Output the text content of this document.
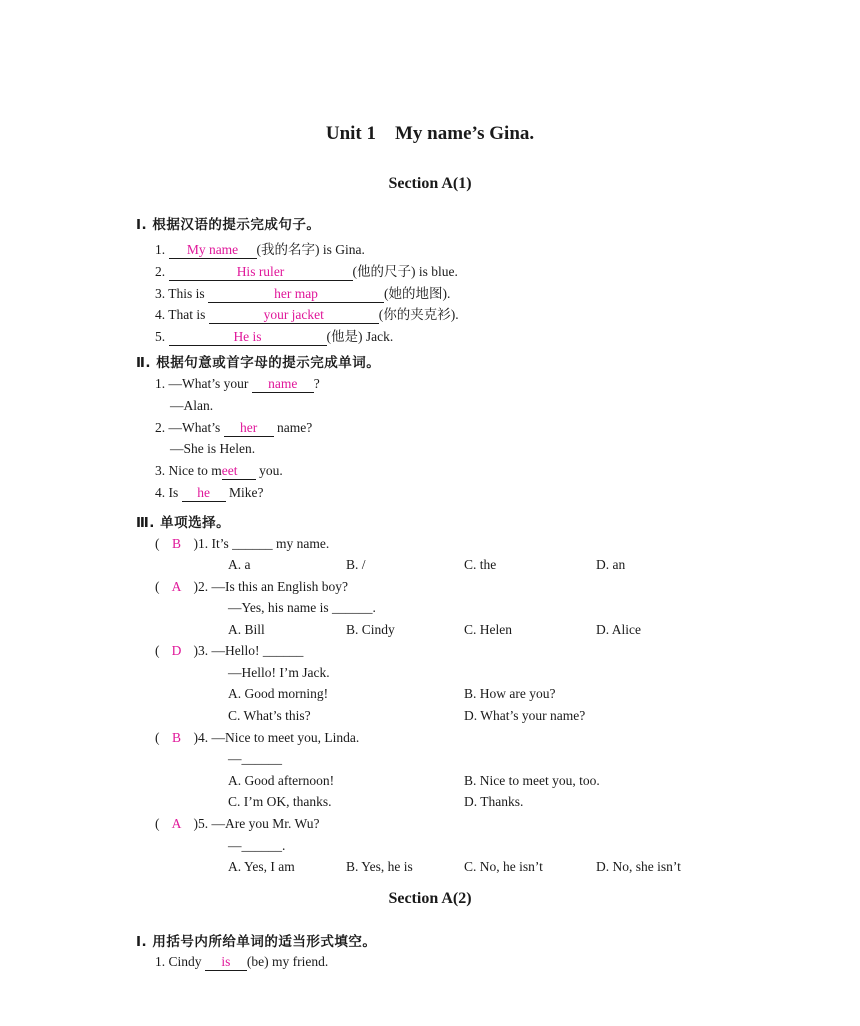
Unit 1　My name’s Gina.
Section A(1)
Ⅰ. 根据汉语的提示完成句子。
1. My name (我的名字) is Gina.
2.	His ruler	(他的尺子) is blue.
3. This is	her map	(她的地图).
4. That is	your jacket	(你的夹克衫).
5.	He is	(他是) Jack.
Ⅱ. 根据句意或首字母的提示完成单词。
1. —What’s your name ?
—Alan.
2. —What’s her name?
—She is Helen.
3. Nice to meet you.
4. Is he Mike?
Ⅲ. 单项选择。
( B )1. It’s ______ my name.
A. a	B. /	C. the	D. an
( A )2. —Is this an English boy?
—Yes, his name is ______.
A. Bill	B. Cindy	C. Helen	D. Alice
( D )3. —Hello! ______
—Hello! I’m Jack.
A. Good morning!	B. How are you?
C. What’s this?	D. What’s your name?
( B )4. —Nice to meet you, Linda.
—______
A. Good afternoon!	B. Nice to meet you, too.
C. I’m OK, thanks.	D. Thanks.
( A )5. —Are you Mr. Wu?
—______.
A. Yes, I am	B. Yes, he is	C. No, he isn’t	D. No, she isn’t
Section A(2)
Ⅰ. 用括号内所给单词的适当形式填空。
1. Cindy is (be) my friend.
